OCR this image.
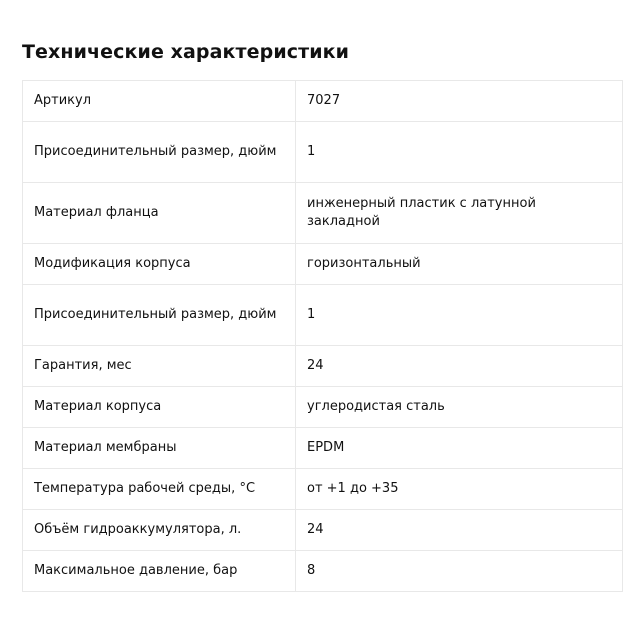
Технические характеристики
Артикул	7027
Присоединительный размер, дюйм	1
Материал фланца	инженерный пластик с латунной закладной
Модификация корпуса	горизонтальный
Присоединительный размер, дюйм	1
Гарантия, мес	24
Материал корпуса	углеродистая сталь
Материал мембраны	EPDM
Температура рабочей среды, °C	от +1 до +35
Объём гидроаккумулятора, л.	24
Максимальное давление, бар	8
